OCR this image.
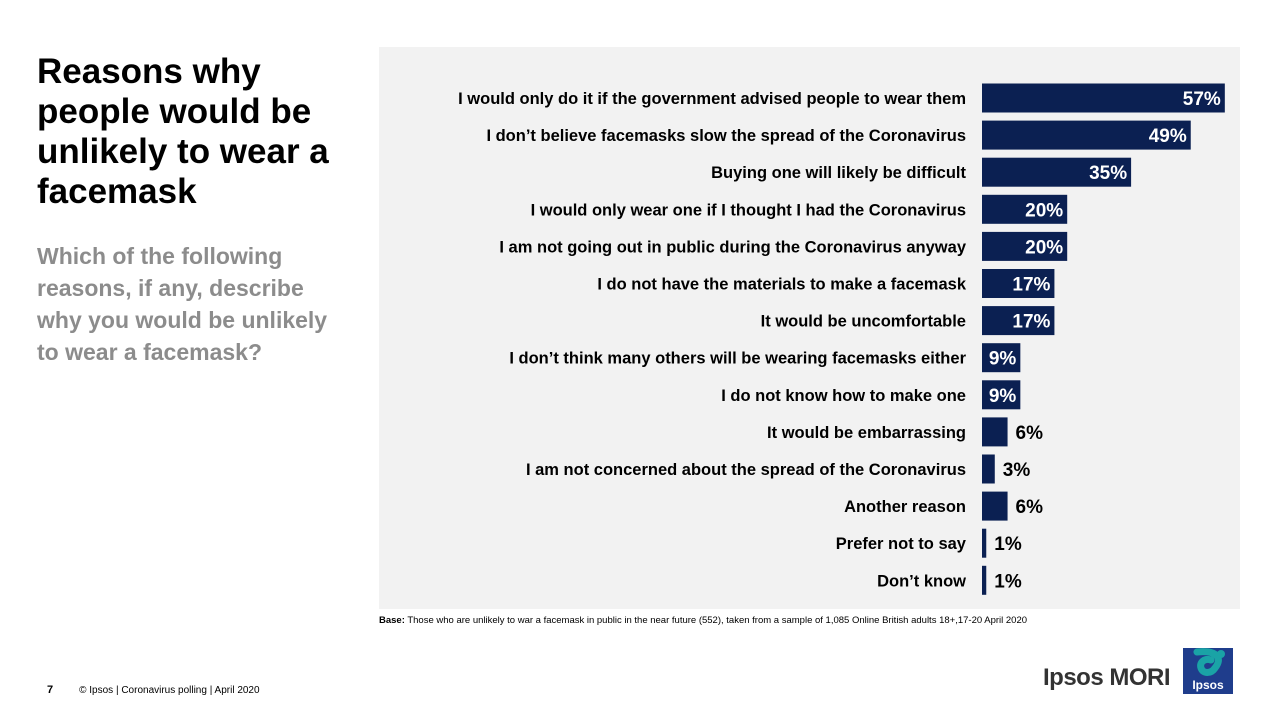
Reasons why people would be unlikely to wear a facemask
Which of the following reasons, if any, describe why you would be unlikely to wear a facemask?
I would only do it if the government advised people to wear them	57%
I don’t believe facemasks slow the spread of the Coronavirus	49%
Buying one will likely be difficult	35%
I would only wear one if I thought I had the Coronavirus	20%
I am not going out in public during the Coronavirus anyway	20%
I do not have the materials to make a facemask 17%
It would be uncomfortable 17%
I don’t think many others will be wearing facemasks either 9%
I do not know how to make one 9%
It would be embarrassing	6%
I am not concerned about the spread of the Coronavirus 3%
Another reason	6%
Prefer not to say 1%
Don’t know 1%
Base: Those who are unlikely to war a facemask in public in the near future (552), taken from a sample of 1,085 Online British adults 18+,17-20 April 2020
7	© Ipsos | Coronavirus polling | April 2020	Ipsos MORI Ipsos
